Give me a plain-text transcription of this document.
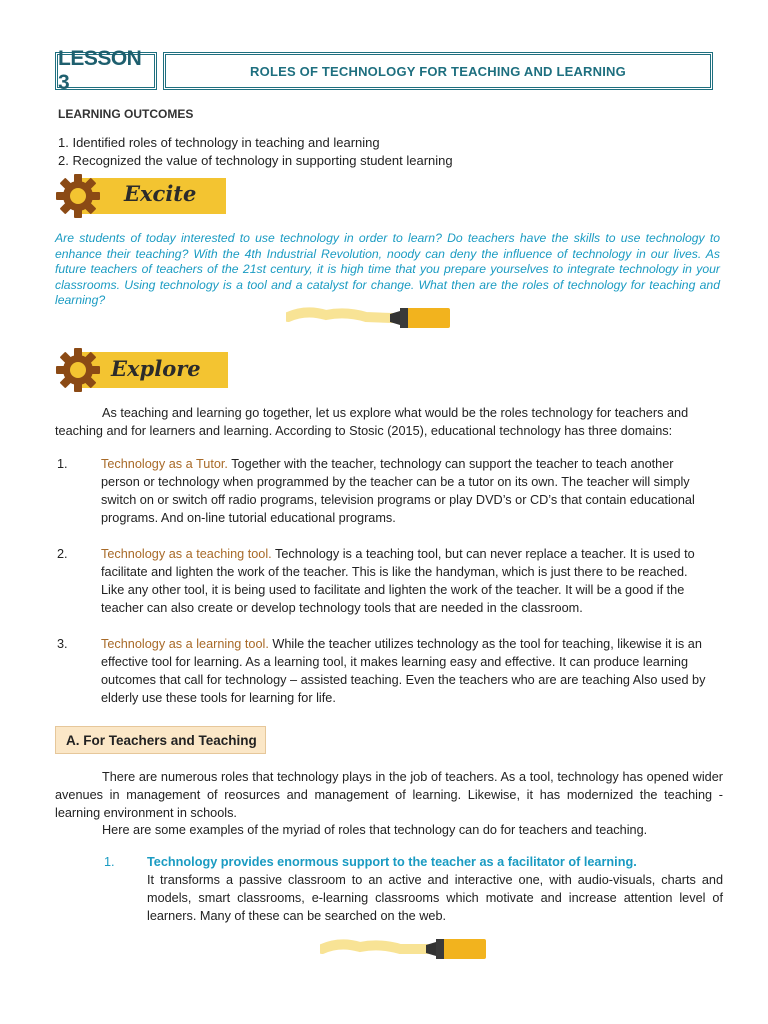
LESSON 3	ROLES OF TECHNOLOGY FOR TEACHING AND LEARNING
LEARNING OUTCOMES
1. Identified roles of technology in teaching and learning
2. Recognized the value of technology in supporting student learning
Excite
Are students of today interested to use technology in order to learn? Do teachers have the skills to use technology to enhance their teaching? With the 4th Industrial Revolution, noody can deny the influence of technology in our lives. As future teachers of teachers of the 21st century, it is high time that you prepare yourselves to integrate technology in your classrooms. Using technology is a tool and a catalyst for change. What then are the roles of technology for teaching and learning?
Explore
As teaching and learning go together, let us explore what would be the roles technology for teachers and teaching and for learners and learning. According to Stosic (2015), educational technology has three domains:
1.	Technology as a Tutor. Together with the teacher, technology can support the teacher to teach another person or technology when programmed by the teacher can be a tutor on its own. The teacher will simply switch on or switch off radio programs, television programs or play DVD’s or CD’s that contain educational programs. And on-line tutorial educational programs.
2.	Technology as a teaching tool. Technology is a teaching tool, but can never replace a teacher. It is used to facilitate and lighten the work of the teacher. This is like the handyman, which is just there to be reached. Like any other tool, it is being used to facilitate and lighten the work of the teacher. It will be a good if the teacher can also create or develop technology tools that are needed in the classroom.
3.	Technology as a learning tool. While the teacher utilizes technology as the tool for teaching, likewise it is an effective tool for learning. As a learning tool, it makes learning easy and effective. It can produce learning outcomes that call for technology – assisted teaching. Even the teachers who are are teaching Also used by elderly use these tools for learning for life.
A. For Teachers and Teaching
There are numerous roles that technology plays in the job of teachers. As a tool, technology has opened wider avenues in management of reosurces and management of learning. Likewise, it has modernized the teaching - learning environment in schools.
Here are some examples of the myriad of roles that technology can do for teachers and teaching.
1.	Technology provides enormous support to the teacher as a facilitator of learning.
It transforms a passive classroom to an active and interactive one, with audio-visuals, charts and models, smart classrooms, e-learning classrooms which motivate and increase attention level of learners. Many of these can be searched on the web.
